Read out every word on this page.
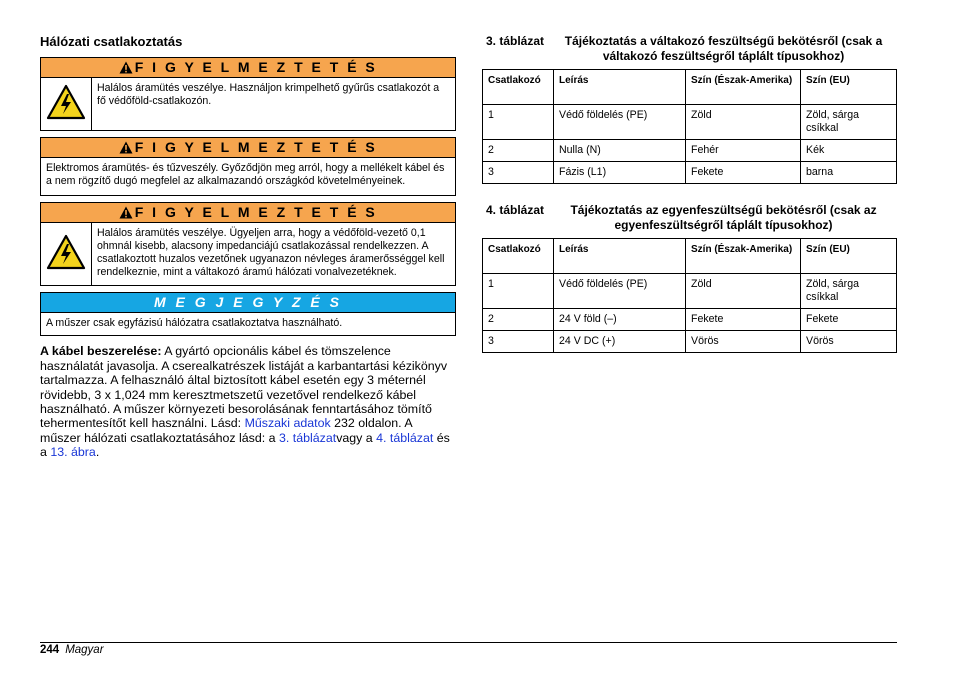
Hálózati csatlakoztatás
F I G Y E L M E Z T E T É S
Halálos áramütés veszélye. Használjon krimpelhető gyűrűs csatlakozót a fő védőföld-csatlakozón.
F I G Y E L M E Z T E T É S
Elektromos áramütés- és tűzveszély. Győződjön meg arról, hogy a mellékelt kábel és a nem rögzítő dugó megfelel az alkalmazandó országkód követelményeinek.
F I G Y E L M E Z T E T É S
Halálos áramütés veszélye. Ügyeljen arra, hogy a védőföld-vezető 0,1 ohmnál kisebb, alacsony impedanciájú csatlakozással rendelkezzen. A csatlakoztott huzalos vezetőnek ugyanazon névleges áramerősséggel kell rendelkeznie, mint a váltakozó áramú hálózati vonalvezetéknek.
M E G J E G Y Z É S
A műszer csak egyfázisú hálózatra csatlakoztatva használható.

A kábel beszerelése: A gyártó opcionális kábel és tömszelence használatát javasolja. A cserealkatrészek listáját a karbantartási kézikönyv tartalmazza. A felhasználó által biztosított kábel esetén egy 3 méternél rövidebb, 3 x 1,024 mm keresztmetszetű vezetővel rendelkező kábel használható. A műszer környezeti besorolásának fenntartásához tömítő tehermentesítőt kell használni. Lásd: Műszaki adatok 232 oldalon. A műszer hálózati csatlakoztatásához lásd: a 3. táblázatvagy a 4. táblázat és a 13. ábra.

3. táblázat	Tájékoztatás a váltakozó feszültségű bekötésről (csak a váltakozó feszültségről táplált típusokhoz)
Csatlakozó	Leírás	Szín (Észak-Amerika)	Szín (EU)
1	Védő földelés (PE)	Zöld	Zöld, sárga csíkkal
2	Nulla (N)	Fehér	Kék
3	Fázis (L1)	Fekete	barna
4. táblázat	Tájékoztatás az egyenfeszültségű bekötésről (csak az egyenfeszültségről táplált típusokhoz)
Csatlakozó	Leírás	Szín (Észak-Amerika)	Szín (EU)
1	Védő földelés (PE)	Zöld	Zöld, sárga csíkkal
2	24 V föld (–)	Fekete	Fekete
3	24 V DC (+)	Vörös	Vörös
244 Magyar
